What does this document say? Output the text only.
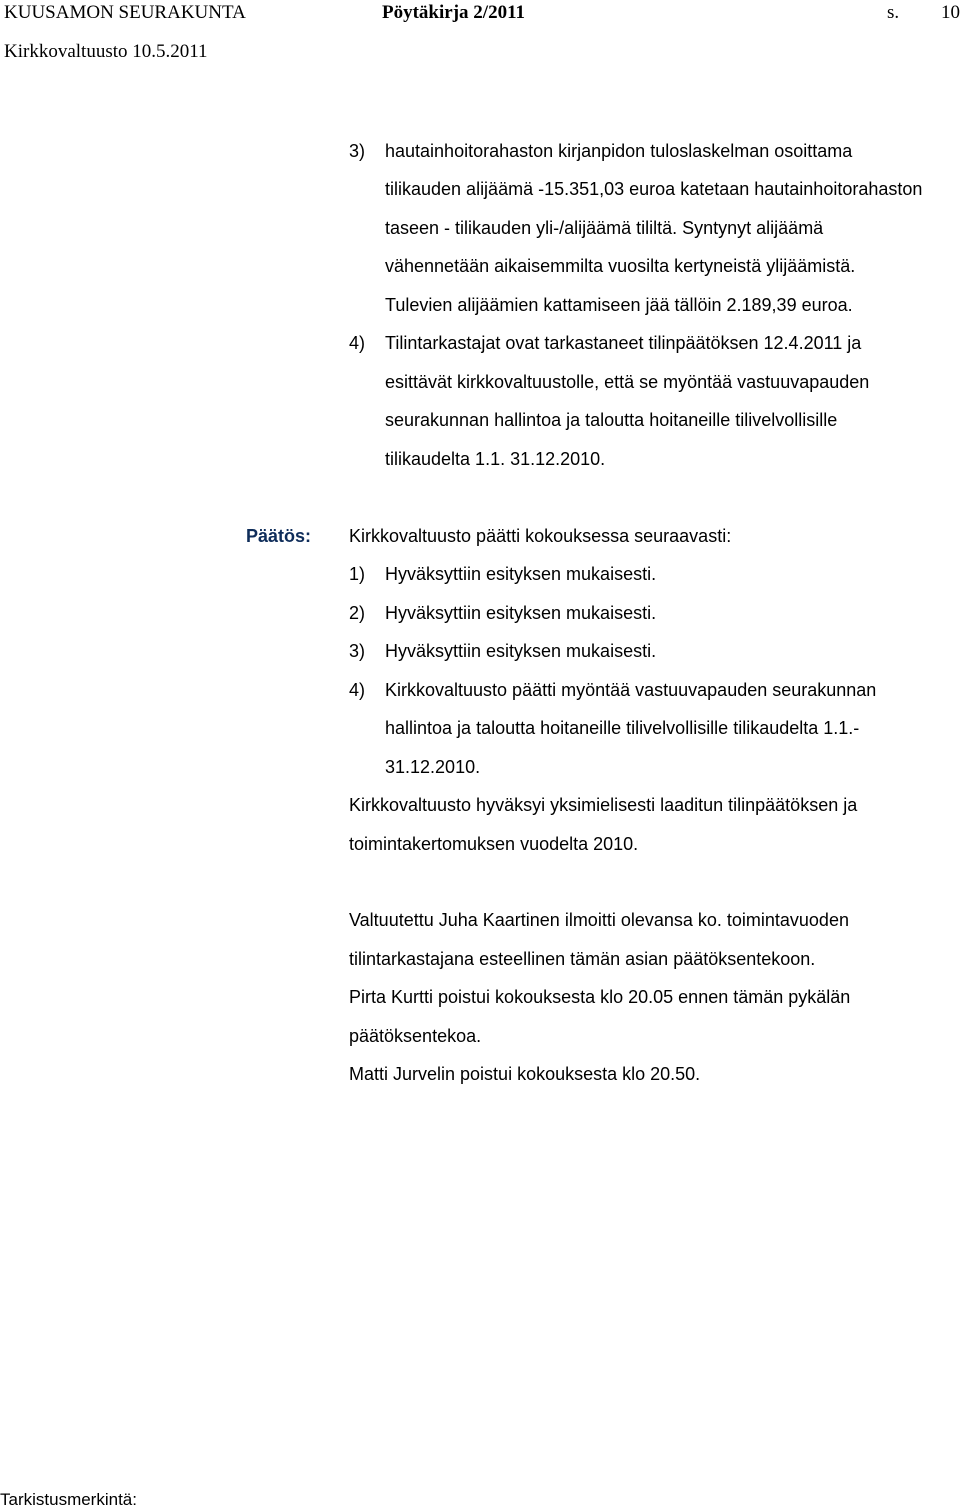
KUUSAMON SEURAKUNTA	Pöytäkirja 2/2011	s. 10
Kirkkovaltuusto 10.5.2011
3) hautainhoitorahaston kirjanpidon tuloslaskelman osoittama
tilikauden alijäämä -15.351,03 euroa katetaan hautainhoitorahaston
taseen - tilikauden yli-/alijäämä tililtä. Syntynyt alijäämä
vähennetään aikaisemmilta vuosilta kertyneistä ylijäämistä.
Tulevien alijäämien kattamiseen jää tällöin 2.189,39 euroa.
4) Tilintarkastajat ovat tarkastaneet tilinpäätöksen 12.4.2011 ja
esittävät kirkkovaltuustolle, että se myöntää vastuuvapauden
seurakunnan hallintoa ja taloutta hoitaneille tilivelvollisille
tilikaudelta 1.1. 31.12.2010.
Päätös: Kirkkovaltuusto päätti kokouksessa seuraavasti:
1) Hyväksyttiin esityksen mukaisesti.
2) Hyväksyttiin esityksen mukaisesti.
3) Hyväksyttiin esityksen mukaisesti.
4) Kirkkovaltuusto päätti myöntää vastuuvapauden seurakunnan
hallintoa ja taloutta hoitaneille tilivelvollisille tilikaudelta 1.1.-
31.12.2010.
Kirkkovaltuusto hyväksyi yksimielisesti laaditun tilinpäätöksen ja
toimintakertomuksen vuodelta 2010.
Valtuutettu Juha Kaartinen ilmoitti olevansa ko. toimintavuoden
tilintarkastajana esteellinen tämän asian päätöksentekoon.
Pirta Kurtti poistui kokouksesta klo 20.05 ennen tämän pykälän
päätöksentekoa.
Matti Jurvelin poistui kokouksesta klo 20.50.
Tarkistusmerkintä:
